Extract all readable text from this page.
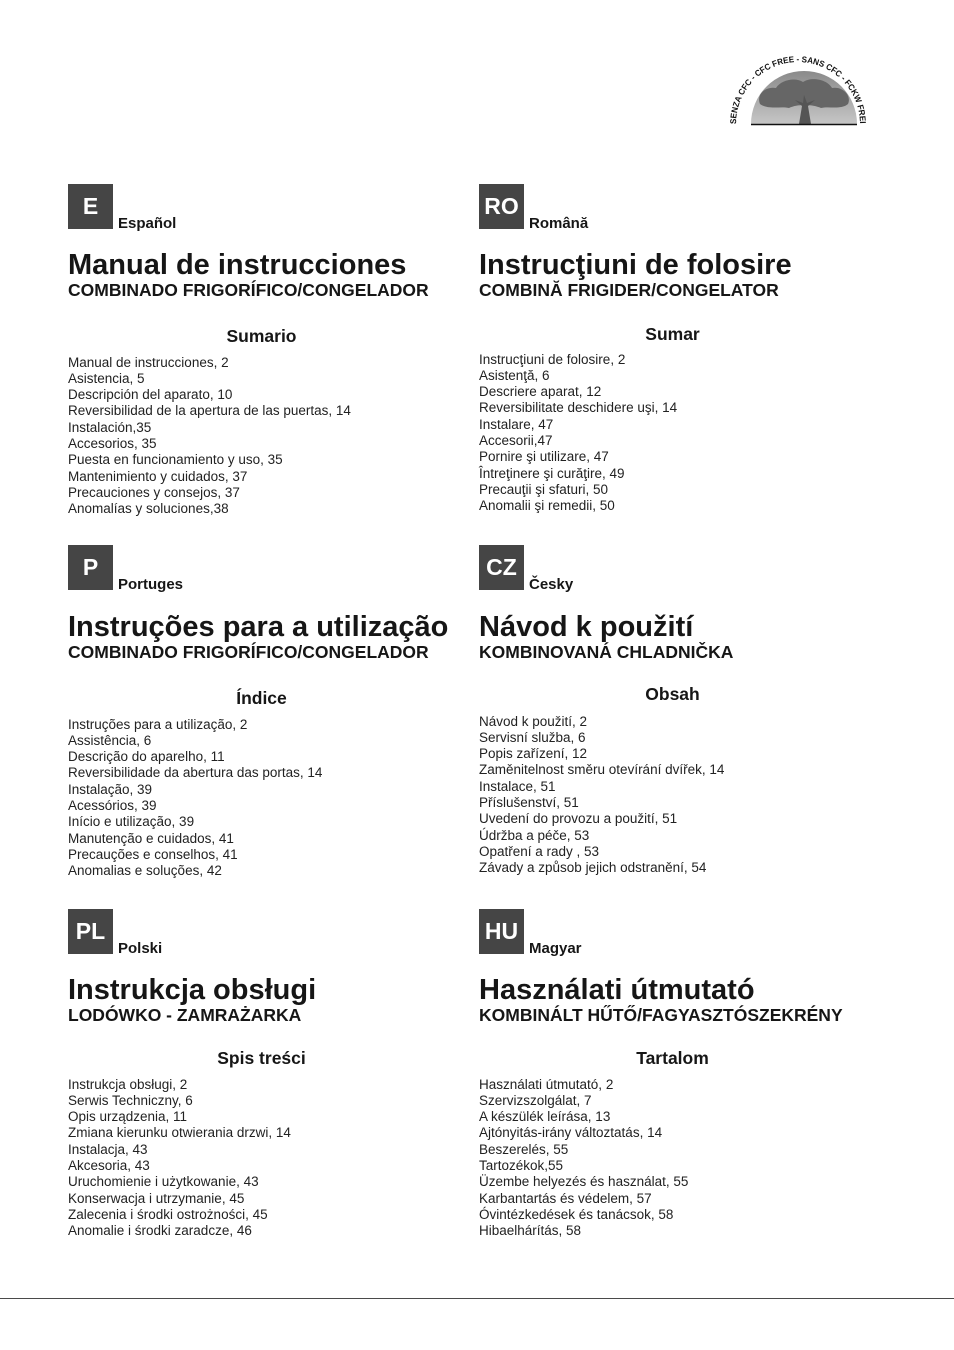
SENZA CFC - CFC FREE - SANS CFC - FCKW FREI
E
Español
Manual de instrucciones
COMBINADO FRIGORÍFICO/CONGELADOR
Sumario
Manual de instrucciones, 2
Asistencia, 5
Descripción del aparato, 10
Reversibilidad de la apertura de las puertas, 14
Instalación,35
Accesorios, 35
Puesta en funcionamiento y uso, 35
Mantenimiento y cuidados, 37
Precauciones y consejos, 37
Anomalías y soluciones,38
RO
Română
Instrucţiuni de folosire
COMBINĂ FRIGIDER/CONGELATOR
Sumar
Instrucţiuni de folosire, 2
Asistenţă, 6
Descriere aparat, 12
Reversibilitate deschidere uşi, 14
Instalare, 47
Accesorii,47
Pornire şi utilizare, 47
Întreţinere şi curăţire, 49
Precauţii şi sfaturi, 50
Anomalii şi remedii, 50
P
Portuges
Instruções para a utilização
COMBINADO FRIGORÍFICO/CONGELADOR
Índice
Instruções para a utilização, 2
Assistência, 6
Descrição do aparelho, 11
Reversibilidade da abertura das portas, 14
Instalação, 39
Acessórios, 39
Início e utilização, 39
Manutenção e cuidados, 41
Precauções e conselhos, 41
Anomalias e soluções, 42
CZ
Česky
Návod k použití
KOMBINOVANÁ CHLADNIČKA
Obsah
Návod k použití, 2
Servisní služba, 6
Popis zařízení, 12
Zaměnitelnost směru otevírání dvířek, 14
Instalace, 51
Příslušenství, 51
Uvedení do provozu a použití, 51
Údržba a péče, 53
Opatření a rady , 53
Závady a způsob jejich odstranění, 54
PL
Polski
Instrukcja obsługi
LODÓWKO - ZAMRAŻARKA
Spis treści
Instrukcja obsługi, 2
Serwis Techniczny, 6
Opis urządzenia, 11
Zmiana kierunku otwierania drzwi, 14
Instalacja, 43
Akcesoria, 43
Uruchomienie i użytkowanie, 43
Konserwacja i utrzymanie, 45
Zalecenia i środki ostrożności, 45
Anomalie i środki zaradcze, 46
HU
Magyar
Használati útmutató
KOMBINÁLT HŰTŐ/FAGYASZTÓSZEKRÉNY
Tartalom
Használati útmutató, 2
Szervizszolgálat, 7
A készülék leírása, 13
Ajtónyitás-irány változtatás, 14
Beszerelés, 55
Tartozékok,55
Üzembe helyezés és használat, 55
Karbantartás és védelem, 57
Óvintézkedések és tanácsok, 58
Hibaelhárítás, 58
